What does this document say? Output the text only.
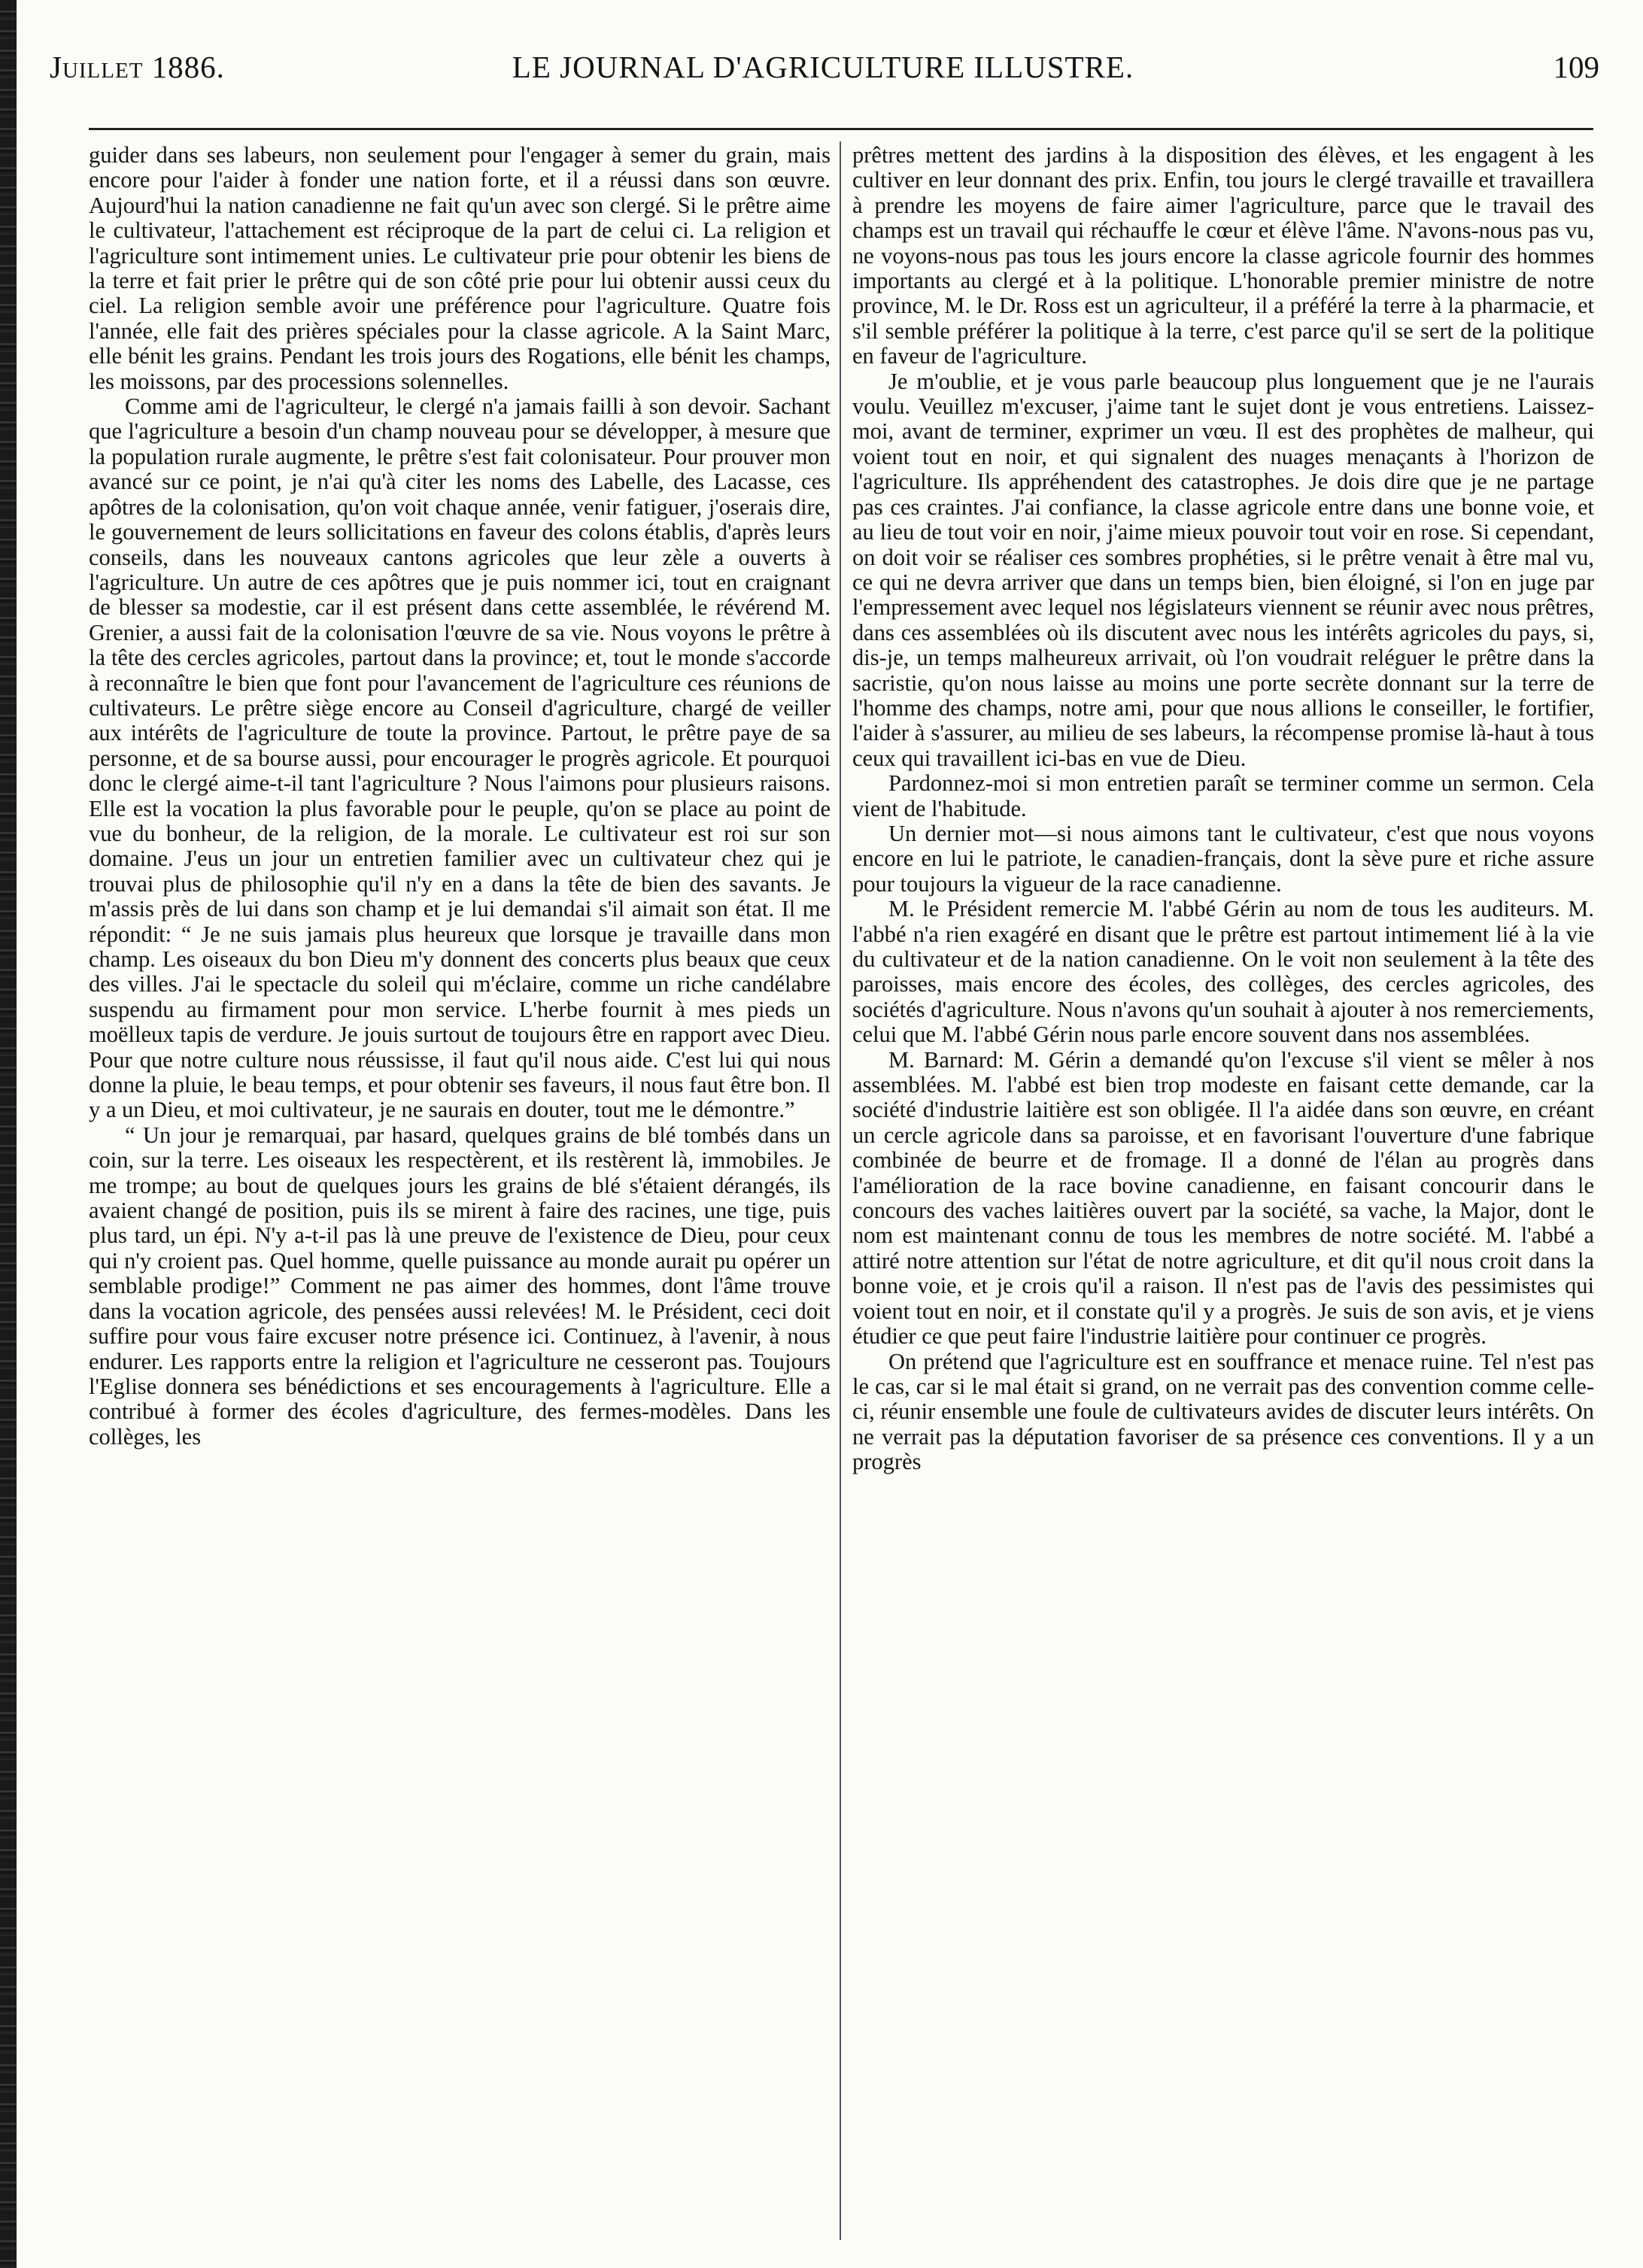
Juillet 1886.	LE JOURNAL D'AGRICULTURE ILLUSTRE.	109

guider dans ses labeurs, non seulement pour l'engager à semer du grain, mais encore pour l'aider à fonder une nation forte, et il a réussi dans son œuvre. Aujourd'hui la nation canadienne ne fait qu'un avec son clergé. Si le prêtre aime le cultivateur, l'attachement est réciproque de la part de celui ci. La religion et l'agriculture sont intimement unies. Le cultivateur prie pour obtenir les biens de la terre et fait prier le prêtre qui de son côté prie pour lui obtenir aussi ceux du ciel. La religion semble avoir une préférence pour l'agriculture. Quatre fois l'année, elle fait des prières spéciales pour la classe agricole. A la Saint Marc, elle bénit les grains. Pendant les trois jours des Rogations, elle bénit les champs, les moissons, par des processions solennelles.

Comme ami de l'agriculteur, le clergé n'a jamais failli à son devoir. Sachant que l'agriculture a besoin d'un champ nouveau pour se développer, à mesure que la population rurale augmente, le prêtre s'est fait colonisateur. Pour prouver mon avancé sur ce point, je n'ai qu'à citer les noms des Labelle, des Lacasse, ces apôtres de la colonisation, qu'on voit chaque année, venir fatiguer, j'oserais dire, le gouvernement de leurs sollicitations en faveur des colons établis, d'après leurs conseils, dans les nouveaux cantons agricoles que leur zèle a ouverts à l'agriculture. Un autre de ces apôtres que je puis nommer ici, tout en craignant de blesser sa modestie, car il est présent dans cette assemblée, le révérend M. Grenier, a aussi fait de la colonisation l'œuvre de sa vie. Nous voyons le prêtre à la tête des cercles agricoles, partout dans la province; et, tout le monde s'accorde à reconnaître le bien que font pour l'avancement de l'agriculture ces réunions de cultivateurs. Le prêtre siège encore au Conseil d'agriculture, chargé de veiller aux intérêts de l'agriculture de toute la province. Partout, le prêtre paye de sa personne, et de sa bourse aussi, pour encourager le progrès agricole. Et pourquoi donc le clergé aime-t-il tant l'agriculture ? Nous l'aimons pour plusieurs raisons. Elle est la vocation la plus favorable pour le peuple, qu'on se place au point de vue du bonheur, de la religion, de la morale. Le cultivateur est roi sur son domaine. J'eus un jour un entretien familier avec un cultivateur chez qui je trouvai plus de philosophie qu'il n'y en a dans la tête de bien des savants. Je m'assis près de lui dans son champ et je lui demandai s'il aimait son état. Il me répondit: “ Je ne suis jamais plus heureux que lorsque je travaille dans mon champ. Les oiseaux du bon Dieu m'y donnent des concerts plus beaux que ceux des villes. J'ai le spectacle du soleil qui m'éclaire, comme un riche candélabre suspendu au firmament pour mon service. L'herbe fournit à mes pieds un moëlleux tapis de verdure. Je jouis surtout de toujours être en rapport avec Dieu. Pour que notre culture nous réussisse, il faut qu'il nous aide. C'est lui qui nous donne la pluie, le beau temps, et pour obtenir ses faveurs, il nous faut être bon. Il y a un Dieu, et moi cultivateur, je ne saurais en douter, tout me le démontre.”

“ Un jour je remarquai, par hasard, quelques grains de blé tombés dans un coin, sur la terre. Les oiseaux les respectèrent, et ils restèrent là, immobiles. Je me trompe; au bout de quelques jours les grains de blé s'étaient dérangés, ils avaient changé de position, puis ils se mirent à faire des racines, une tige, puis plus tard, un épi. N'y a-t-il pas là une preuve de l'existence de Dieu, pour ceux qui n'y croient pas. Quel homme, quelle puissance au monde aurait pu opérer un semblable prodige!” Comment ne pas aimer des hommes, dont l'âme trouve dans la vocation agricole, des pensées aussi relevées! M. le Président, ceci doit suffire pour vous faire excuser notre présence ici. Continuez, à l'avenir, à nous endurer. Les rapports entre la religion et l'agriculture ne cesseront pas. Toujours l'Eglise donnera ses bénédictions et ses encouragements à l'agriculture. Elle a contribué à former des écoles d'agriculture, des fermes-modèles. Dans les collèges, les

prêtres mettent des jardins à la disposition des élèves, et les engagent à les cultiver en leur donnant des prix. Enfin, tou jours le clergé travaille et travaillera à prendre les moyens de faire aimer l'agriculture, parce que le travail des champs est un travail qui réchauffe le cœur et élève l'âme. N'avons-nous pas vu, ne voyons-nous pas tous les jours encore la classe agricole fournir des hommes importants au clergé et à la politique. L'honorable premier ministre de notre province, M. le Dr. Ross est un agriculteur, il a préféré la terre à la pharmacie, et s'il semble préférer la politique à la terre, c'est parce qu'il se sert de la politique en faveur de l'agriculture.

Je m'oublie, et je vous parle beaucoup plus longuement que je ne l'aurais voulu. Veuillez m'excuser, j'aime tant le sujet dont je vous entretiens. Laissez-moi, avant de terminer, exprimer un vœu. Il est des prophètes de malheur, qui voient tout en noir, et qui signalent des nuages menaçants à l'horizon de l'agriculture. Ils appréhendent des catastrophes. Je dois dire que je ne partage pas ces craintes. J'ai confiance, la classe agricole entre dans une bonne voie, et au lieu de tout voir en noir, j'aime mieux pouvoir tout voir en rose. Si cependant, on doit voir se réaliser ces sombres prophéties, si le prêtre venait à être mal vu, ce qui ne devra arriver que dans un temps bien, bien éloigné, si l'on en juge par l'empressement avec lequel nos législateurs viennent se réunir avec nous prêtres, dans ces assemblées où ils discutent avec nous les intérêts agricoles du pays, si, dis-je, un temps malheureux arrivait, où l'on voudrait reléguer le prêtre dans la sacristie, qu'on nous laisse au moins une porte secrète donnant sur la terre de l'homme des champs, notre ami, pour que nous allions le conseiller, le fortifier, l'aider à s'assurer, au milieu de ses labeurs, la récompense promise là-haut à tous ceux qui travaillent ici-bas en vue de Dieu.

Pardonnez-moi si mon entretien paraît se terminer comme un sermon. Cela vient de l'habitude.

Un dernier mot—si nous aimons tant le cultivateur, c'est que nous voyons encore en lui le patriote, le canadien-français, dont la sève pure et riche assure pour toujours la vigueur de la race canadienne.

M. le Président remercie M. l'abbé Gérin au nom de tous les auditeurs. M. l'abbé n'a rien exagéré en disant que le prêtre est partout intimement lié à la vie du cultivateur et de la nation canadienne. On le voit non seulement à la tête des paroisses, mais encore des écoles, des collèges, des cercles agricoles, des sociétés d'agriculture. Nous n'avons qu'un souhait à ajouter à nos remerciements, celui que M. l'abbé Gérin nous parle encore souvent dans nos assemblées.

M. Barnard: M. Gérin a demandé qu'on l'excuse s'il vient se mêler à nos assemblées. M. l'abbé est bien trop modeste en faisant cette demande, car la société d'industrie laitière est son obligée. Il l'a aidée dans son œuvre, en créant un cercle agricole dans sa paroisse, et en favorisant l'ouverture d'une fabrique combinée de beurre et de fromage. Il a donné de l'élan au progrès dans l'amélioration de la race bovine canadienne, en faisant concourir dans le concours des vaches laitières ouvert par la société, sa vache, la Major, dont le nom est maintenant connu de tous les membres de notre société. M. l'abbé a attiré notre attention sur l'état de notre agriculture, et dit qu'il nous croit dans la bonne voie, et je crois qu'il a raison. Il n'est pas de l'avis des pessimistes qui voient tout en noir, et il constate qu'il y a progrès. Je suis de son avis, et je viens étudier ce que peut faire l'industrie laitière pour continuer ce progrès.

On prétend que l'agriculture est en souffrance et menace ruine. Tel n'est pas le cas, car si le mal était si grand, on ne verrait pas des convention comme celle-ci, réunir ensemble une foule de cultivateurs avides de discuter leurs intérêts. On ne verrait pas la députation favoriser de sa présence ces conventions. Il y a un progrès
